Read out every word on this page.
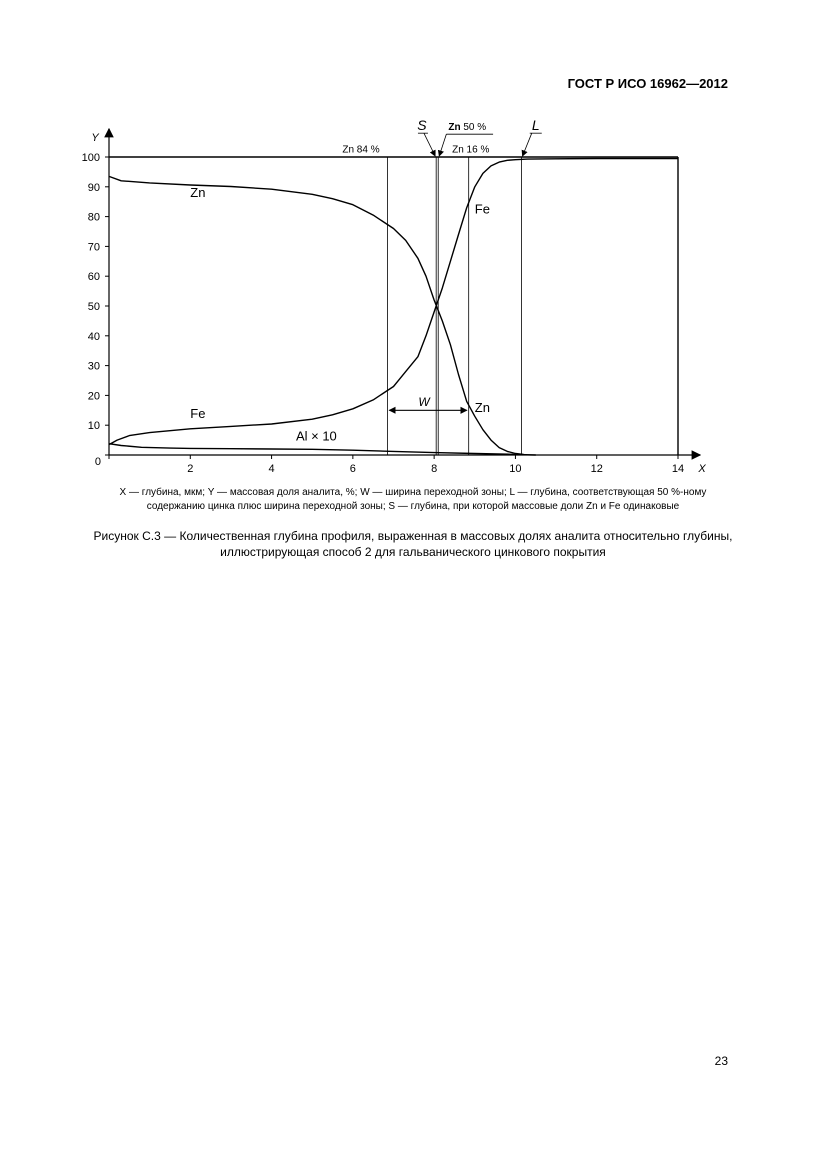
ГОСТ Р ИСО 16962—2012
10
20
30
40
50
60
70
80
90
100
2	4	6	8	10	12	14
0
Y
X
Zn 84 %	Zn 16 %
Zn
Fe
Al × 10
Fe
Zn
W
S Zn 50 %	L
X — глубина, мкм; Y — массовая доля аналита, %; W — ширина переходной зоны; L — глубина, соответствующая 50 %-ному
содержанию цинка плюс ширина переходной зоны; S — глубина, при которой массовые доли Zn и Fe одинаковые
Рисунок С.3 — Количественная глубина профиля, выраженная в массовых долях аналита относительно глубины,
иллюстрирующая способ 2 для гальванического цинкового покрытия
23
